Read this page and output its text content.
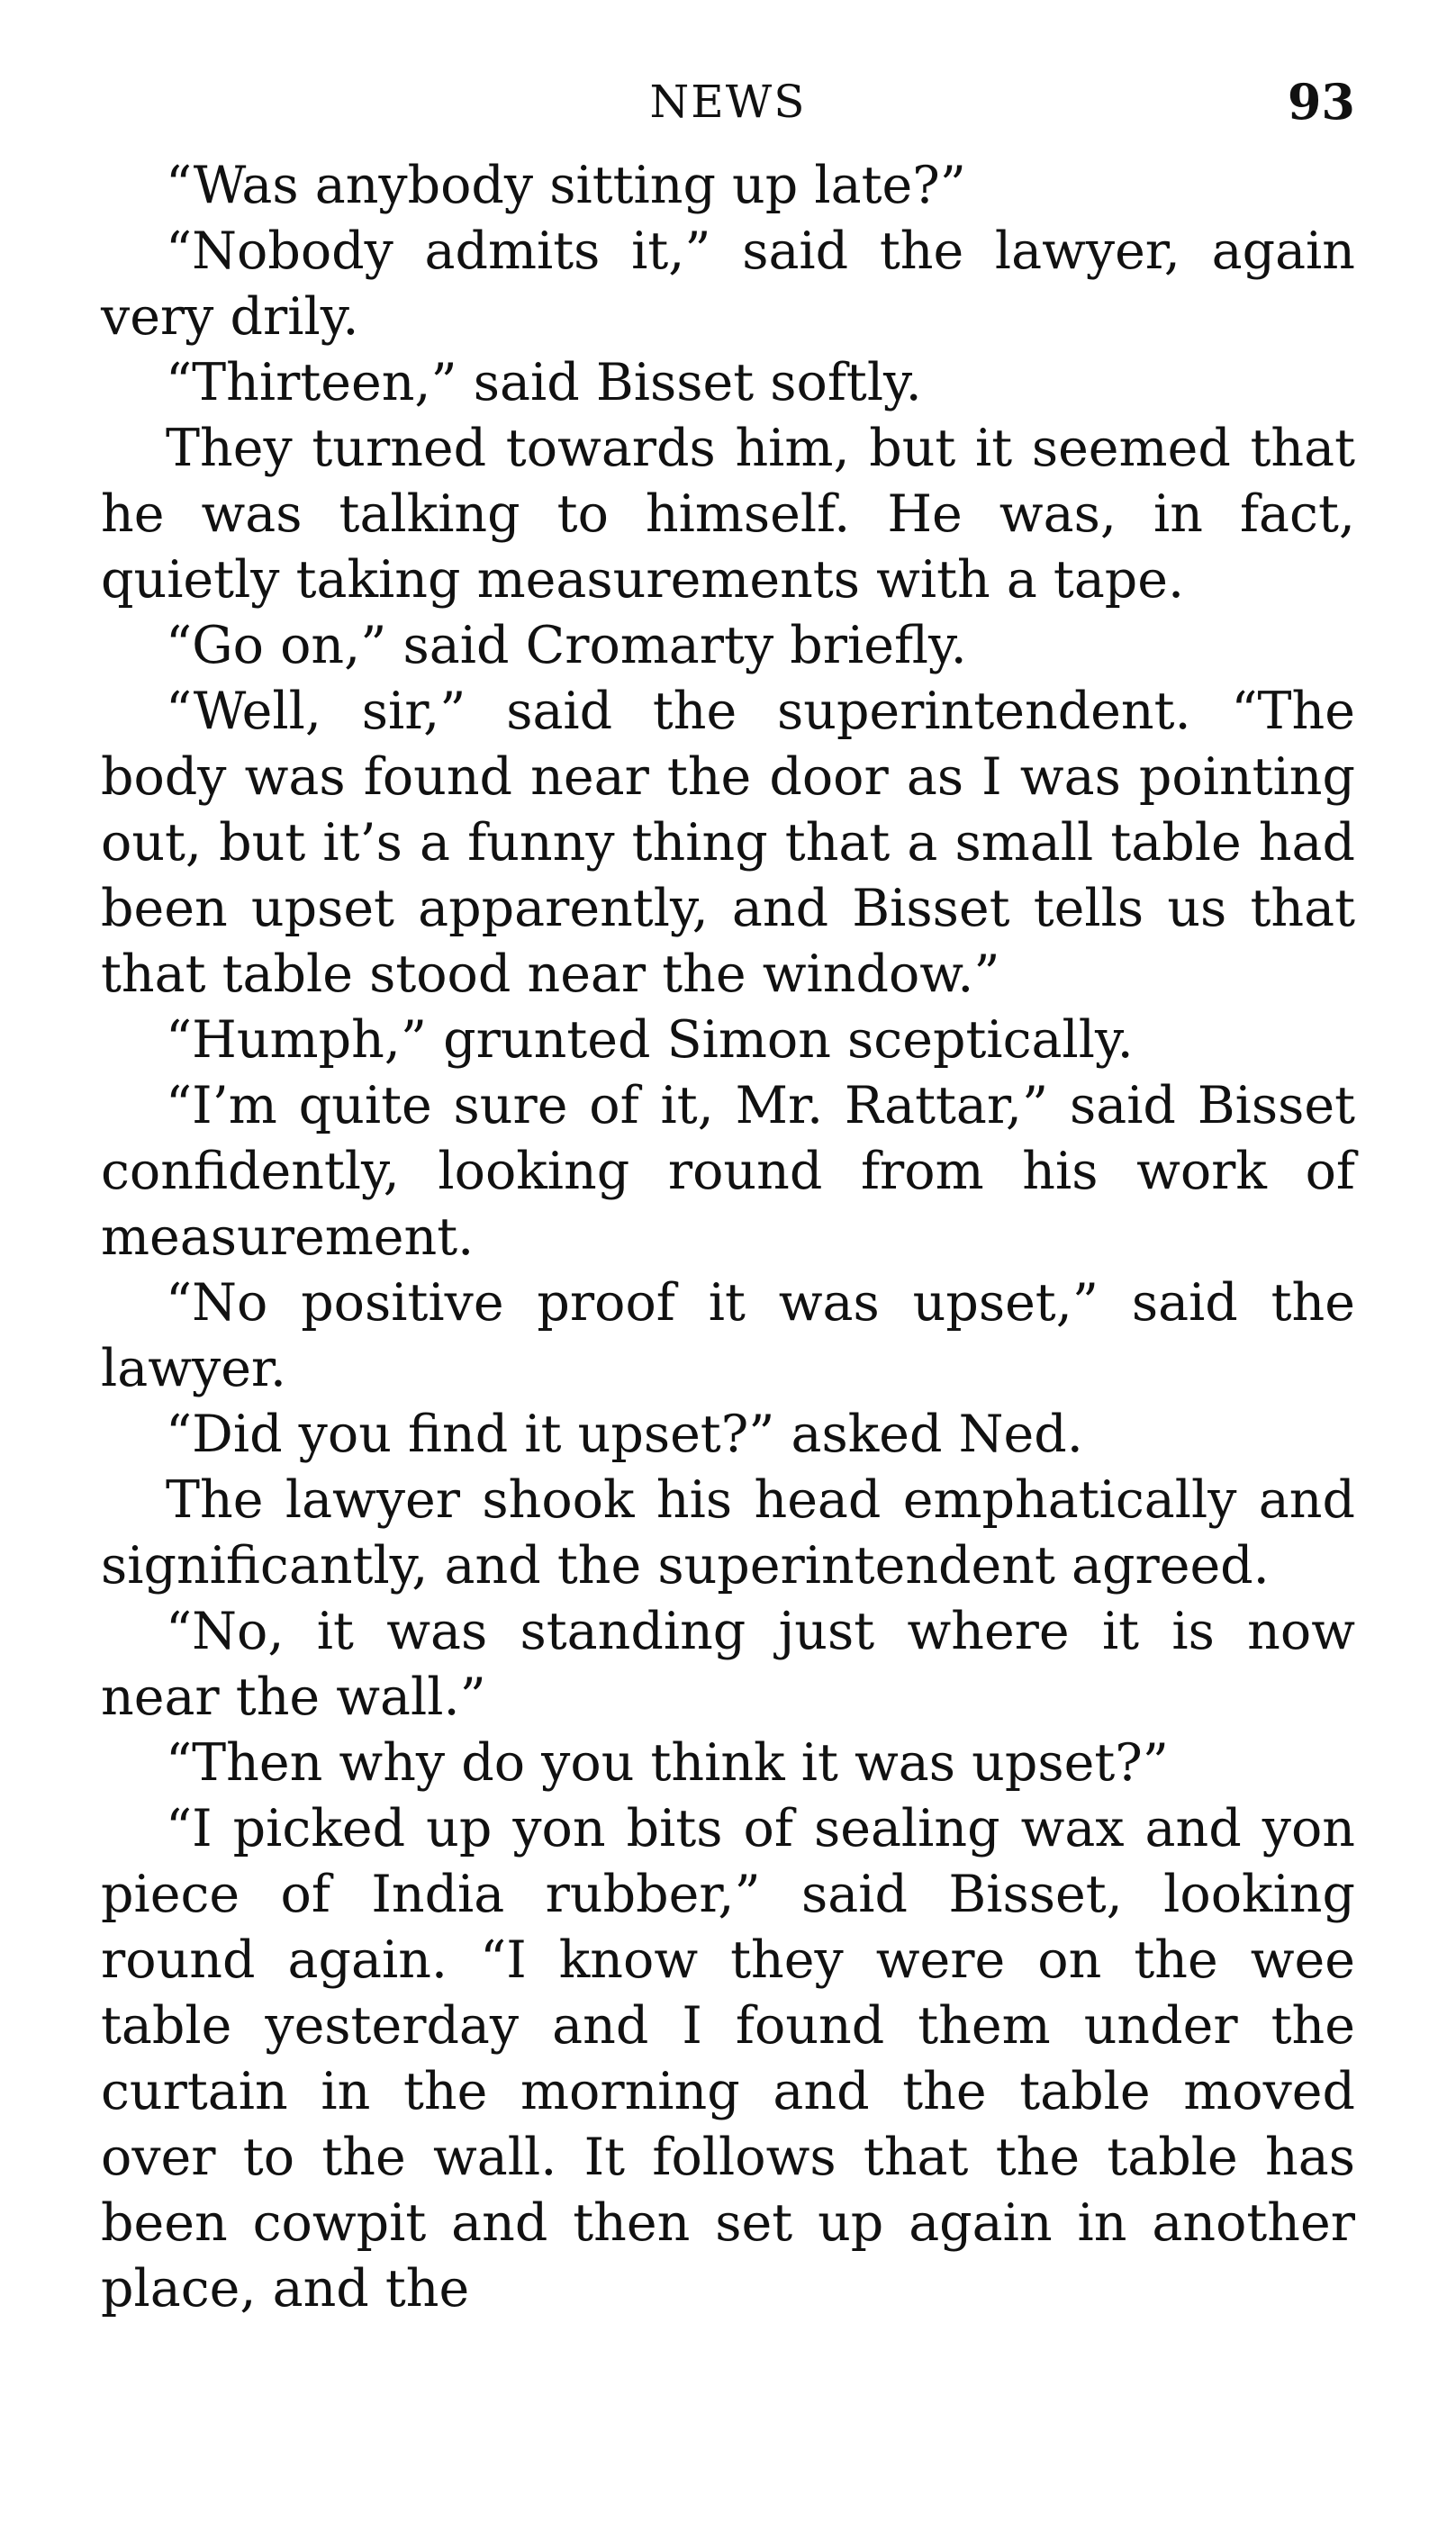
NEWS	93

“Was anybody sitting up late?”

“Nobody admits it,” said the lawyer, again very drily.

“Thirteen,” said Bisset softly.

They turned towards him, but it seemed that he was talking to himself. He was, in fact, quietly taking measurements with a tape.

“Go on,” said Cromarty briefly.

“Well, sir,” said the superintendent. “The body was found near the door as I was pointing out, but it’s a funny thing that a small table had been upset apparently, and Bisset tells us that that table stood near the window.”

“Humph,” grunted Simon sceptically.

“I’m quite sure of it, Mr. Rattar,” said Bisset confidently, looking round from his work of measurement.

“No positive proof it was upset,” said the lawyer.

“Did you find it upset?” asked Ned.

The lawyer shook his head emphatically and significantly, and the superintendent agreed.

“No, it was standing just where it is now near the wall.”

“Then why do you think it was upset?”

“I picked up yon bits of sealing wax and yon piece of India rubber,” said Bisset, looking round again. “I know they were on the wee table yesterday and I found them under the curtain in the morning and the table moved over to the wall. It follows that the table has been cowpit and then set up again in another place, and the
